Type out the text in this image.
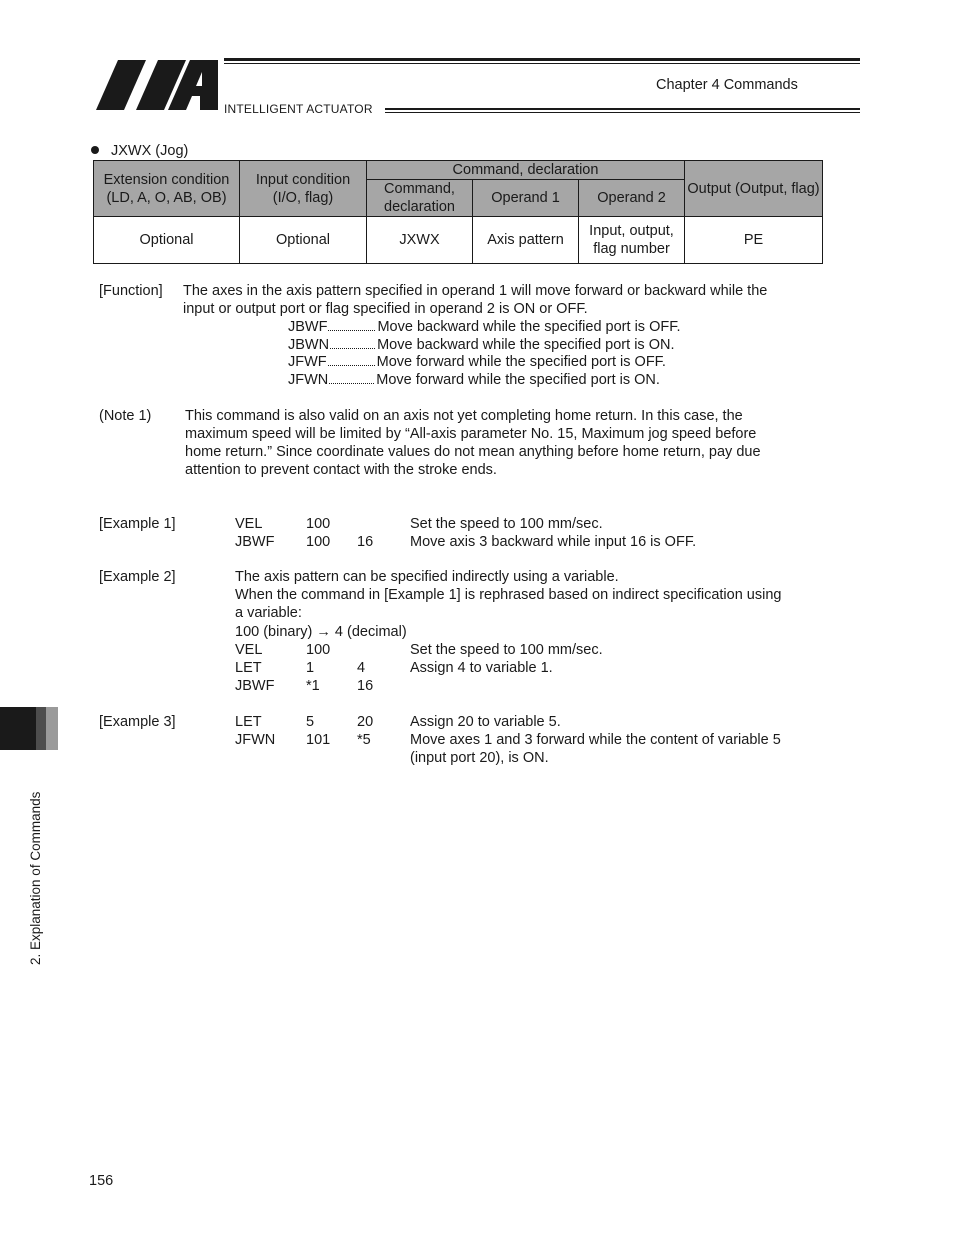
INTELLIGENT ACTUATOR
Chapter 4 Commands
2. Explanation of Commands
JXWX (Jog)
Extension condition (LD, A, O, AB, OB)	Input condition (I/O, flag)	Command, declaration			Output (Output, flag)
		Command, declaration	Operand 1	Operand 2	
Optional	Optional	JXWX	Axis pattern	Input, output, flag number	PE
[Function] The axes in the axis pattern specified in operand 1 will move forward or backward while the
input or output port or flag specified in operand 2 is ON or OFF.
JBWF	Move backward while the specified port is OFF.
JBWN	Move backward while the specified port is ON.
JFWF	Move forward while the specified port is OFF.
JFWN	Move forward while the specified port is ON.
(Note 1) This command is also valid on an axis not yet completing home return. In this case, the
maximum speed will be limited by “All-axis parameter No. 15, Maximum jog speed before
home return.” Since coordinate values do not mean anything before home return, pay due
attention to prevent contact with the stroke ends.
[Example 1]	VEL	100	Set the speed to 100 mm/sec.
JBWF 100 16	Move axis 3 backward while input 16 is OFF.
[Example 2]	The axis pattern can be specified indirectly using a variable.
When the command in [Example 1] is rephrased based on indirect specification using
a variable:
100 (binary) → 4 (decimal)
VEL	100	Set the speed to 100 mm/sec.
LET	1	4	Assign 4 to variable 1.
JBWF *1	16
[Example 3]	LET	5	20	Assign 20 to variable 5.
JFWN 101 *5	Move axes 1 and 3 forward while the content of variable 5
(input port 20), is ON.
156
